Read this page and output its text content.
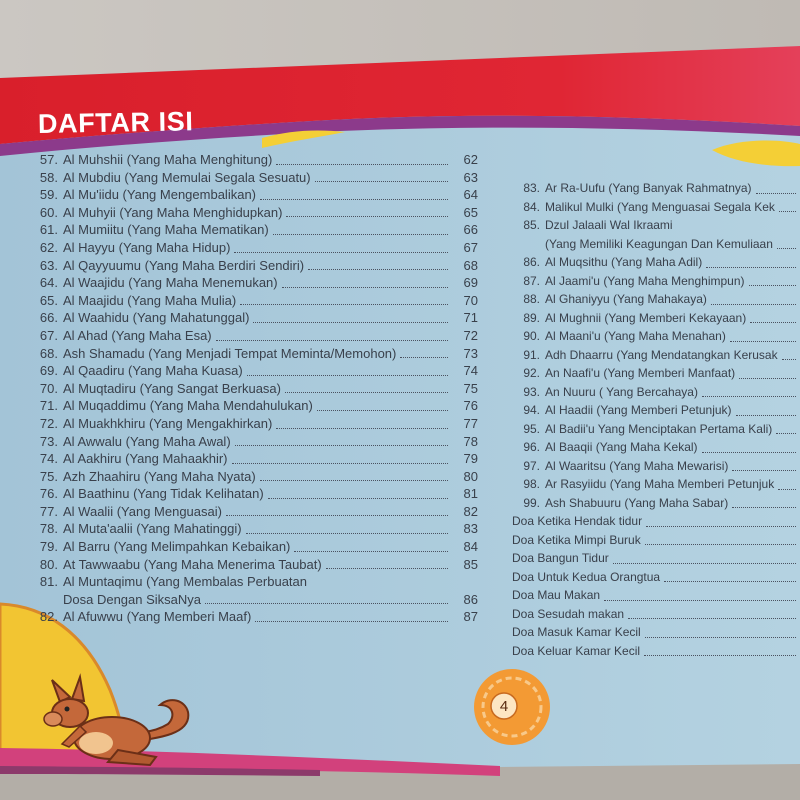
4
DAFTAR ISI
57. Al Muhshii (Yang Maha Menghitung)	62
58. Al Mubdiu (Yang Memulai Segala Sesuatu)	63
59. Al Mu'iidu (Yang Mengembalikan)	64
60. Al Muhyii (Yang Maha Menghidupkan)	65
61. Al Mumiitu (Yang Maha Mematikan)	66
62. Al Hayyu (Yang Maha Hidup)	67
63. Al Qayyuumu (Yang Maha Berdiri Sendiri)	68
64. Al Waajidu (Yang Maha Menemukan)	69
65. Al Maajidu (Yang Maha Mulia)	70
66. Al Waahidu (Yang Mahatunggal)	71
67. Al Ahad (Yang Maha Esa)	72
68. Ash Shamadu (Yang Menjadi Tempat Meminta/Memohon)	73
69. Al Qaadiru (Yang Maha Kuasa)	74
70. Al Muqtadiru (Yang Sangat Berkuasa)	75
71. Al Muqaddimu (Yang Maha Mendahulukan)	76
72. Al Muakhkhiru (Yang Mengakhirkan)	77
73. Al Awwalu (Yang Maha Awal)	78
74. Al Aakhiru (Yang Mahaakhir)	79
75. Azh Zhaahiru (Yang Maha Nyata)	80
76. Al Baathinu (Yang Tidak Kelihatan)	81
77. Al Waalii (Yang Menguasai)	82
78. Al Muta'aalii (Yang Mahatinggi)	83
79. Al Barru (Yang Melimpahkan Kebaikan)	84
80. At Tawwaabu (Yang Maha Menerima Taubat)	85
81. Al Muntaqimu (Yang Membalas Perbuatan
Dosa Dengan SiksaNya	86
82. Al Afuwwu (Yang Memberi Maaf)	87
83. Ar Ra-Uufu (Yang Banyak Rahmatnya)
84. Malikul Mulki (Yang Menguasai Segala Kek
85. Dzul Jalaali Wal Ikraami
(Yang Memiliki Keagungan Dan Kemuliaan
86. Al Muqsithu (Yang Maha Adil)
87. Al Jaami'u (Yang Maha Menghimpun)
88. Al Ghaniyyu (Yang Mahakaya)
89. Al Mughnii (Yang Memberi Kekayaan)
90. Al Maani'u (Yang Maha Menahan)
91. Adh Dhaarru (Yang Mendatangkan Kerusak
92. An Naafi'u (Yang Memberi Manfaat)
93. An Nuuru ( Yang Bercahaya)
94. Al Haadii (Yang Memberi Petunjuk)
95. Al Badii'u Yang Menciptakan Pertama Kali)
96. Al Baaqii (Yang Maha Kekal)
97. Al Waaritsu (Yang Maha Mewarisi)
98. Ar Rasyiidu (Yang Maha Memberi Petunjuk
99. Ash Shabuuru (Yang Maha Sabar)
Doa Ketika Hendak tidur
Doa Ketika Mimpi Buruk
Doa Bangun Tidur
Doa Untuk Kedua Orangtua
Doa Mau Makan
Doa Sesudah makan
Doa Masuk Kamar Kecil
Doa Keluar Kamar Kecil
